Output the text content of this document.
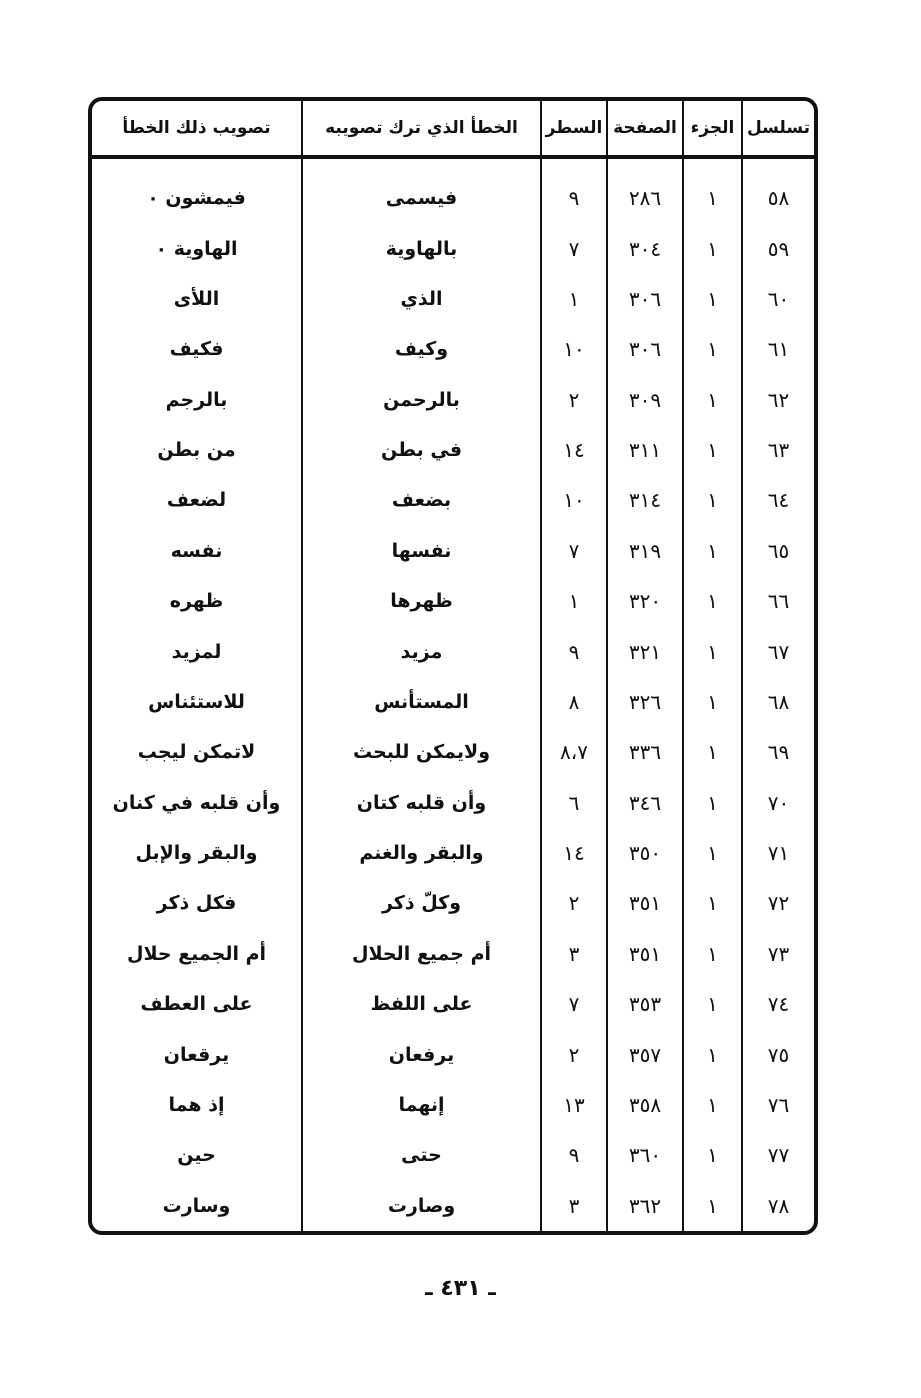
تسلسل	الجزء	الصفحة	السطر	الخطأ الذي ترك تصويبه	تصويب ذلك الخطأ
٥٨	١	٢٨٦	٩	فيسمى	فيمشون ٠
٥٩	١	٣٠٤	٧	بالهاوية	الهاوية ٠
٦٠	١	٣٠٦	١	الذي	اللأى
٦١	١	٣٠٦	١٠	وكيف	فكيف
٦٢	١	٣٠٩	٢	بالرحمن	بالرجم
٦٣	١	٣١١	١٤	في بطن	من بطن
٦٤	١	٣١٤	١٠	بضعف	لضعف
٦٥	١	٣١٩	٧	نفسها	نفسه
٦٦	١	٣٢٠	١	ظهرها	ظهره
٦٧	١	٣٢١	٩	مزيد	لمزيد
٦٨	١	٣٢٦	٨	المستأنس	للاستئناس
٦٩	١	٣٣٦	٨،٧	ولايمكن للبحث	لاتمكن ليجب
٧٠	١	٣٤٦	٦	وأن قلبه كتان	وأن قلبه في كنان
٧١	١	٣٥٠	١٤	والبقر والغنم	والبقر والإبل
٧٢	١	٣٥١	٢	وكلّ ذكر	فكل ذكر
٧٣	١	٣٥١	٣	أم جميع الحلال	أم الجميع حلال
٧٤	١	٣٥٣	٧	على اللفظ	على العطف
٧٥	١	٣٥٧	٢	يرفعان	يرقعان
٧٦	١	٣٥٨	١٣	إنهما	إذ هما
٧٧	١	٣٦٠	٩	حتى	حين
٧٨	١	٣٦٢	٣	وصارت	وسارت
ـ ٤٣١ ـ
